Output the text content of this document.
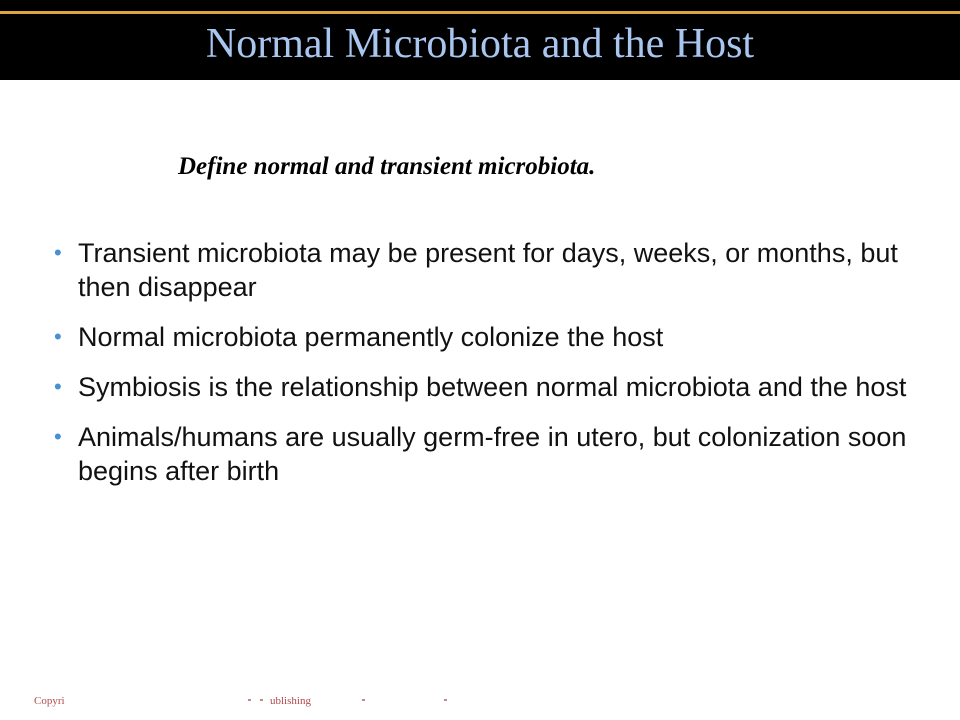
Normal Microbiota and the Host
Define normal and transient microbiota.
• Transient microbiota may be present for days, weeks, or months, but then disappear
• Normal microbiota permanently colonize the host
• Symbiosis is the relationship between normal microbiota and the host
• Animals/humans are usually germ-free in utero, but colonization soon begins after birth
Copyri	ublishing
